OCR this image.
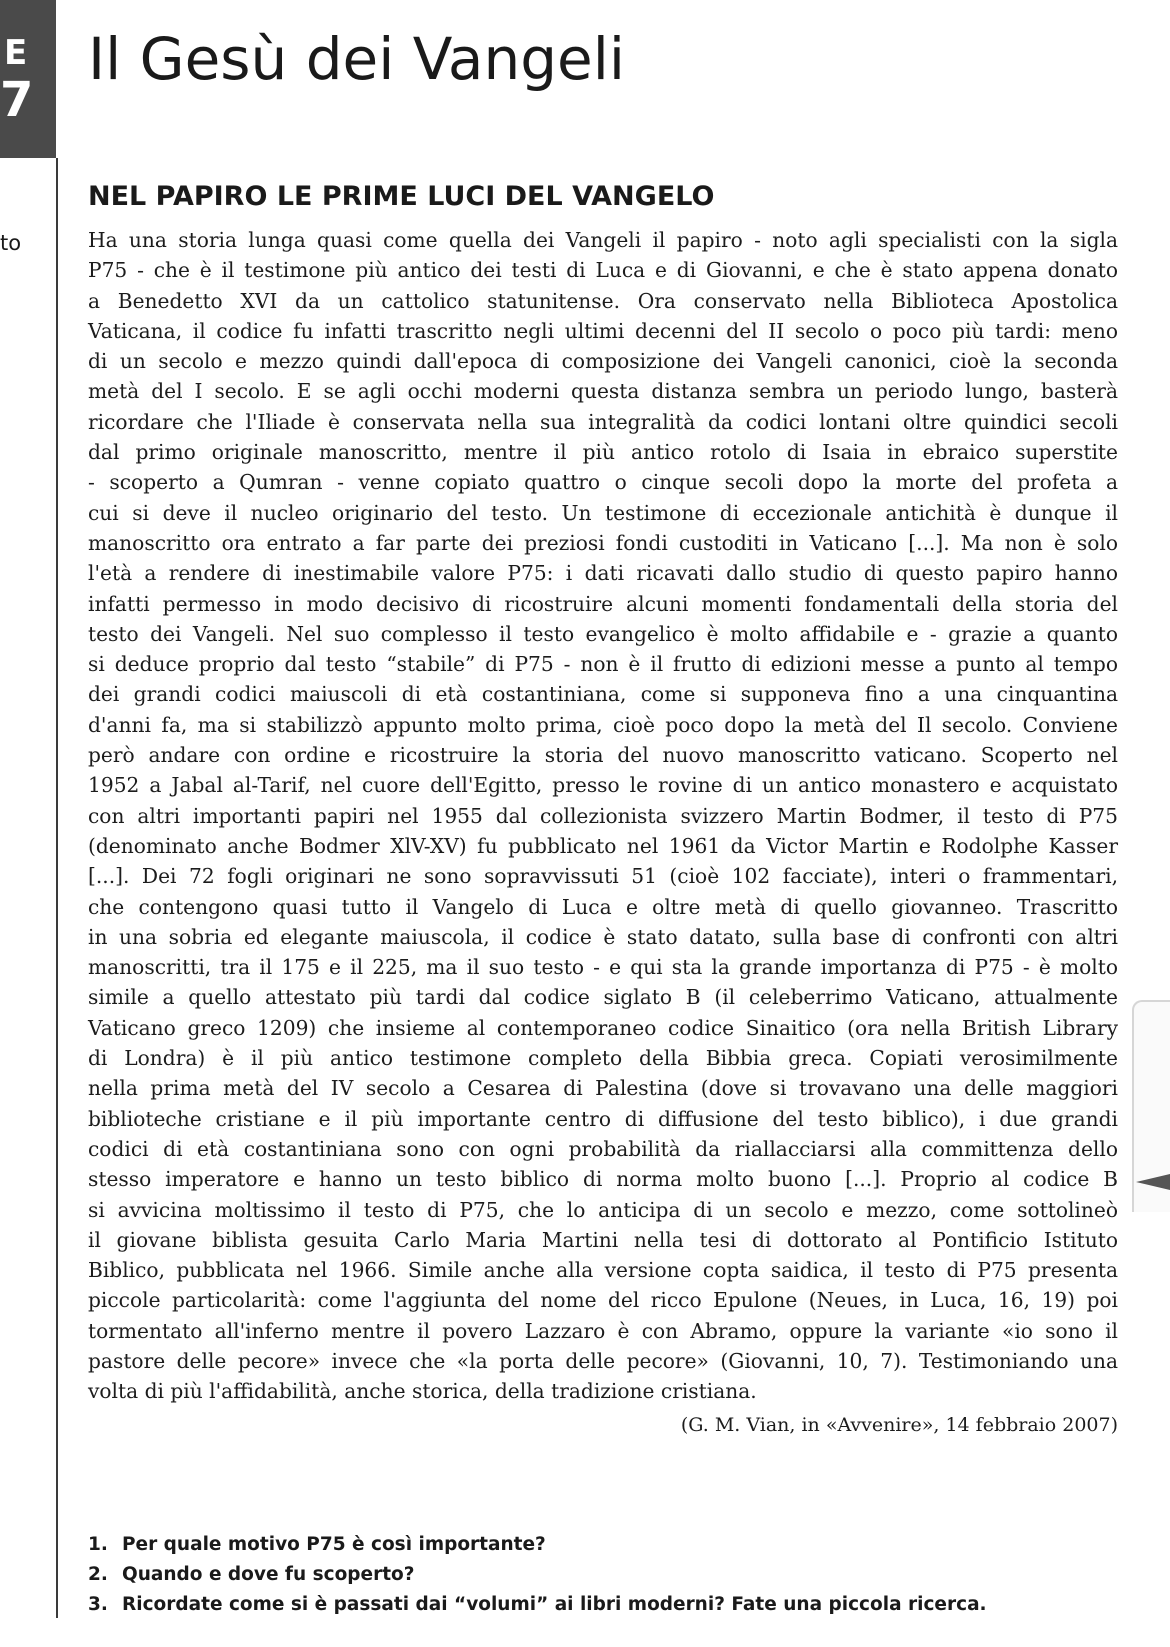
E
7
Il Gesù dei Vangeli
to
NEL PAPIRO LE PRIME LUCI DEL VANGELO
Ha una storia lunga quasi come quella dei Vangeli il papiro - noto agli specialisti con la sigla
P75 - che è il testimone più antico dei testi di Luca e di Giovanni, e che è stato appena donato
a Benedetto XVI da un cattolico statunitense. Ora conservato nella Biblioteca Apostolica
Vaticana, il codice fu infatti trascritto negli ultimi decenni del II secolo o poco più tardi: meno
di un secolo e mezzo quindi dall'epoca di composizione dei Vangeli canonici, cioè la seconda
metà del I secolo. E se agli occhi moderni questa distanza sembra un periodo lungo, basterà
ricordare che l'Iliade è conservata nella sua integralità da codici lontani oltre quindici secoli
dal primo originale manoscritto, mentre il più antico rotolo di Isaia in ebraico superstite
- scoperto a Qumran - venne copiato quattro o cinque secoli dopo la morte del profeta a
cui si deve il nucleo originario del testo. Un testimone di eccezionale antichità è dunque il
manoscritto ora entrato a far parte dei preziosi fondi custoditi in Vaticano [...]. Ma non è solo
l'età a rendere di inestimabile valore P75: i dati ricavati dallo studio di questo papiro hanno
infatti permesso in modo decisivo di ricostruire alcuni momenti fondamentali della storia del
testo dei Vangeli. Nel suo complesso il testo evangelico è molto affidabile e - grazie a quanto
si deduce proprio dal testo “stabile” di P75 - non è il frutto di edizioni messe a punto al tempo
dei grandi codici maiuscoli di età costantiniana, come si supponeva fino a una cinquantina
d'anni fa, ma si stabilizzò appunto molto prima, cioè poco dopo la metà del Il secolo. Conviene
però andare con ordine e ricostruire la storia del nuovo manoscritto vaticano. Scoperto nel
1952 a Jabal al-Tarif, nel cuore dell'Egitto, presso le rovine di un antico monastero e acquistato
con altri importanti papiri nel 1955 dal collezionista svizzero Martin Bodmer, il testo di P75
(denominato anche Bodmer XlV-XV) fu pubblicato nel 1961 da Victor Martin e Rodolphe Kasser
[...]. Dei 72 fogli originari ne sono sopravvissuti 51 (cioè 102 facciate), interi o frammentari,
che contengono quasi tutto il Vangelo di Luca e oltre metà di quello giovanneo. Trascritto
in una sobria ed elegante maiuscola, il codice è stato datato, sulla base di confronti con altri
manoscritti, tra il 175 e il 225, ma il suo testo - e qui sta la grande importanza di P75 - è molto
simile a quello attestato più tardi dal codice siglato B (il celeberrimo Vaticano, attualmente
Vaticano greco 1209) che insieme al contemporaneo codice Sinaitico (ora nella British Library
di Londra) è il più antico testimone completo della Bibbia greca. Copiati verosimilmente
nella prima metà del IV secolo a Cesarea di Palestina (dove si trovavano una delle maggiori
biblioteche cristiane e il più importante centro di diffusione del testo biblico), i due grandi
codici di età costantiniana sono con ogni probabilità da riallacciarsi alla committenza dello
stesso imperatore e hanno un testo biblico di norma molto buono [...]. Proprio al codice B
si avvicina moltissimo il testo di P75, che lo anticipa di un secolo e mezzo, come sottolineò
il giovane biblista gesuita Carlo Maria Martini nella tesi di dottorato al Pontificio Istituto
Biblico, pubblicata nel 1966. Simile anche alla versione copta saidica, il testo di P75 presenta
piccole particolarità: come l'aggiunta del nome del ricco Epulone (Neues, in Luca, 16, 19) poi
tormentato all'inferno mentre il povero Lazzaro è con Abramo, oppure la variante «io sono il
pastore delle pecore» invece che «la porta delle pecore» (Giovanni, 10, 7). Testimoniando una
volta di più l'affidabilità, anche storica, della tradizione cristiana.
(G. M. Vian, in «Avvenire», 14 febbraio 2007)
1. Per quale motivo P75 è così importante?
2. Quando e dove fu scoperto?
3. Ricordate come si è passati dai “volumi” ai libri moderni? Fate una piccola ricerca.
